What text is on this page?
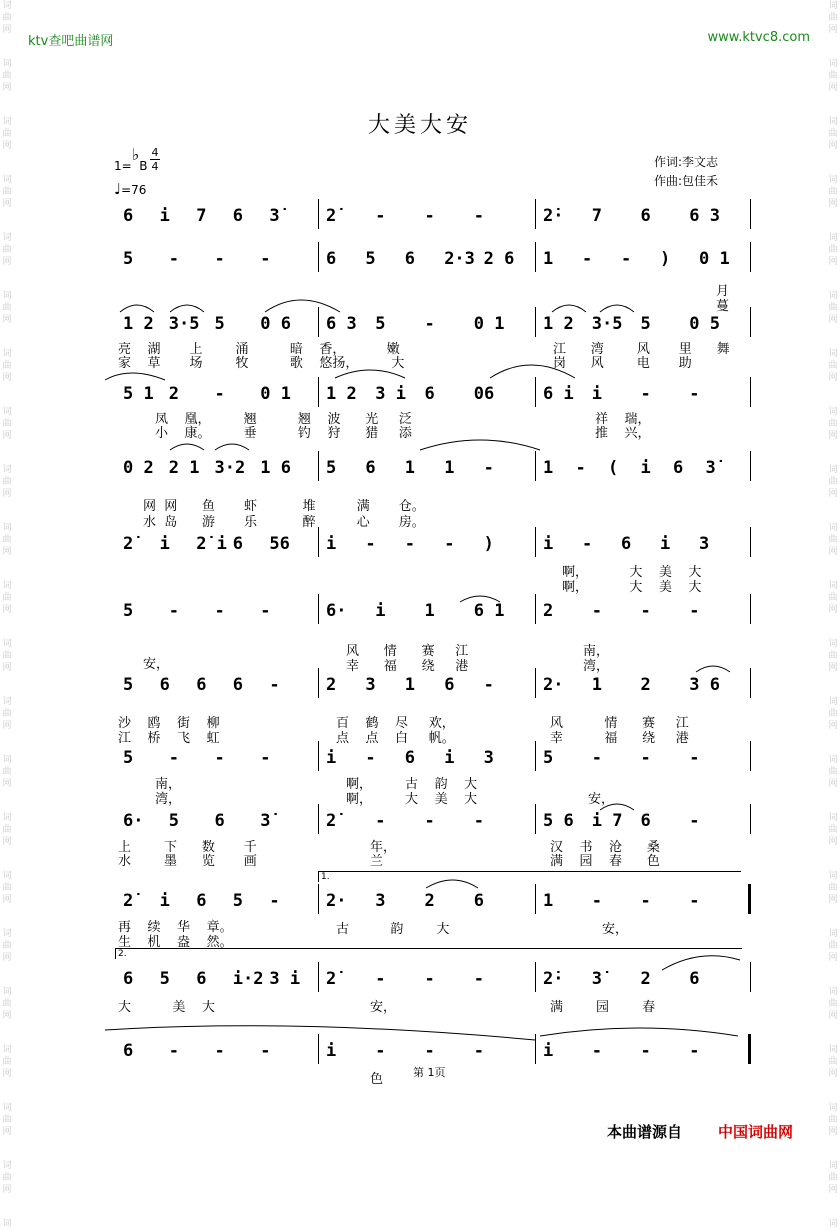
词
曲
网
词
曲
网
词
曲
网
词
曲
网
词
曲
网
词
曲
网
词
曲
网
词
曲
网
词
曲
网
词
曲
网
词
曲
网
词
曲
网
词
曲
网
词
曲
网
词
曲
网
词
曲
网
词
曲
网
词
曲
网
词
曲
网
词
曲
网
词
曲
网
词
词
曲
网
词
曲
网
词
曲
网
词
曲
网
词
曲
网
词
曲
网
词
曲
网
词
曲
网
词
曲
网
词
曲
网
词
曲
网
词
曲
网
词
曲
网
词
曲
网
词
曲
网
词
曲
网
词
曲
网
词
曲
网
词
曲
网
词
曲
网
词
曲
网
词
ktv查吧曲谱网	www.ktvc8.com
大美大安
1=♭B
4
4
♩=76
作词:李文志
作曲:包佳禾
6	i	7	6	3̇	2̇	-	-	-	2̇·	7	6	6 3
5	-	-	-	6	5	6	2·3 2 6	1	-	-	)	0 1
1 2 3·5 5	0 6	6 3	5	-	0 1	1 2	3·5	5	0 5
5 1 2	-	0 1	1 2	3 i	6	06	6 i	i	-	-
0 2 2 1 3·2 1 6	5	6	1	1	-	1	-	(	i	6	3̇
2̇	i	2̇ i 6	56	i	-	-	-	)	i	-	6	i	3
5	-	-	-	6·	i	1	6 1	2	-	-	-
5	6	6	6	-	2	3	1	6	-	2·	1	2	3 6
5	-	-	-	i	-	6	i	3	5	-	-	-
6·	5	6	3̇	2̇	-	-	-	5 6	i 7	6	-
2̇	i	6	5	-	2·	3	2	6	1	-	-	-
6	5	6	i·2 3 i	2̇	-	-	-	2̇·	3̇	2	6
6	-	-	-	i	-	-	-	i	-	-	-
亮    湖       上        涌          暗    香，          嫩
家    草       场        牧          歌    悠扬，        大
江      湾        风       里      舞
岗      风        电       助
月
蔓
凤    凰，        翘          翘    波      光     泛
小    康。        垂          钓    狩      猎     添
祥    瑞，
推    兴，
网  网      鱼       虾           堆          满       仓。
水  岛      游       乐           醉          心       房。
啊，          大    美    大
啊，          大    美    大
安，
风      情      赛     江
幸      福      绕     港
南，
湾，
沙    鸥    街    柳
江    桥    飞    虹
百    鹤    尽     欢，
点    点    白     帆。
风          情      赛     江
幸          福      绕     港
南，
湾，
啊，        古    韵    大
啊，        大    美    大	安，
上        下      数       千
水        墨      览       画
年，
兰
汉    书    沧      桑
满    园    春      色
再    续    华    章。
生    机    盎    然。
古          韵        大	安，
大          美    大	安，	满        园        春
色
1.
2.
第 1页
本曲谱源自 中国词曲网
